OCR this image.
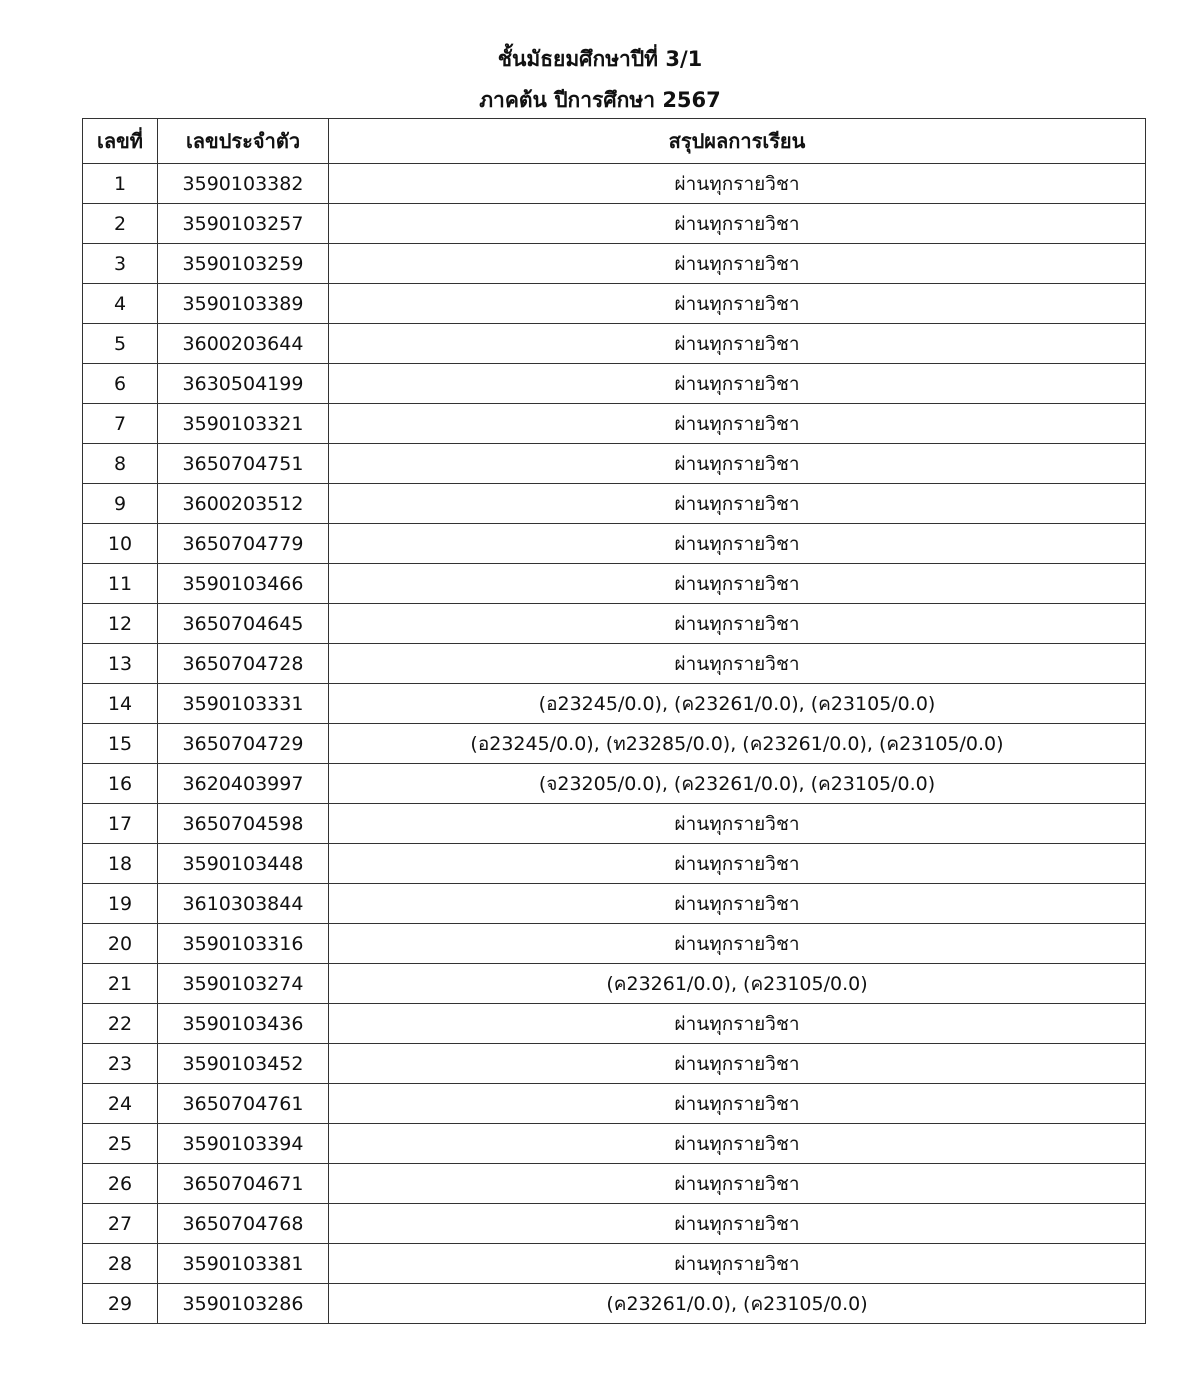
ชั้นมัธยมศึกษาปีที่ 3/1
ภาคต้น ปีการศึกษา 2567
เลขที่	เลขประจำตัว	สรุปผลการเรียน
1	3590103382	ผ่านทุกรายวิชา
2	3590103257	ผ่านทุกรายวิชา
3	3590103259	ผ่านทุกรายวิชา
4	3590103389	ผ่านทุกรายวิชา
5	3600203644	ผ่านทุกรายวิชา
6	3630504199	ผ่านทุกรายวิชา
7	3590103321	ผ่านทุกรายวิชา
8	3650704751	ผ่านทุกรายวิชา
9	3600203512	ผ่านทุกรายวิชา
10	3650704779	ผ่านทุกรายวิชา
11	3590103466	ผ่านทุกรายวิชา
12	3650704645	ผ่านทุกรายวิชา
13	3650704728	ผ่านทุกรายวิชา
14	3590103331	(อ23245/0.0), (ค23261/0.0), (ค23105/0.0)
15	3650704729	(อ23245/0.0), (ท23285/0.0), (ค23261/0.0), (ค23105/0.0)
16	3620403997	(จ23205/0.0), (ค23261/0.0), (ค23105/0.0)
17	3650704598	ผ่านทุกรายวิชา
18	3590103448	ผ่านทุกรายวิชา
19	3610303844	ผ่านทุกรายวิชา
20	3590103316	ผ่านทุกรายวิชา
21	3590103274	(ค23261/0.0), (ค23105/0.0)
22	3590103436	ผ่านทุกรายวิชา
23	3590103452	ผ่านทุกรายวิชา
24	3650704761	ผ่านทุกรายวิชา
25	3590103394	ผ่านทุกรายวิชา
26	3650704671	ผ่านทุกรายวิชา
27	3650704768	ผ่านทุกรายวิชา
28	3590103381	ผ่านทุกรายวิชา
29	3590103286	(ค23261/0.0), (ค23105/0.0)
